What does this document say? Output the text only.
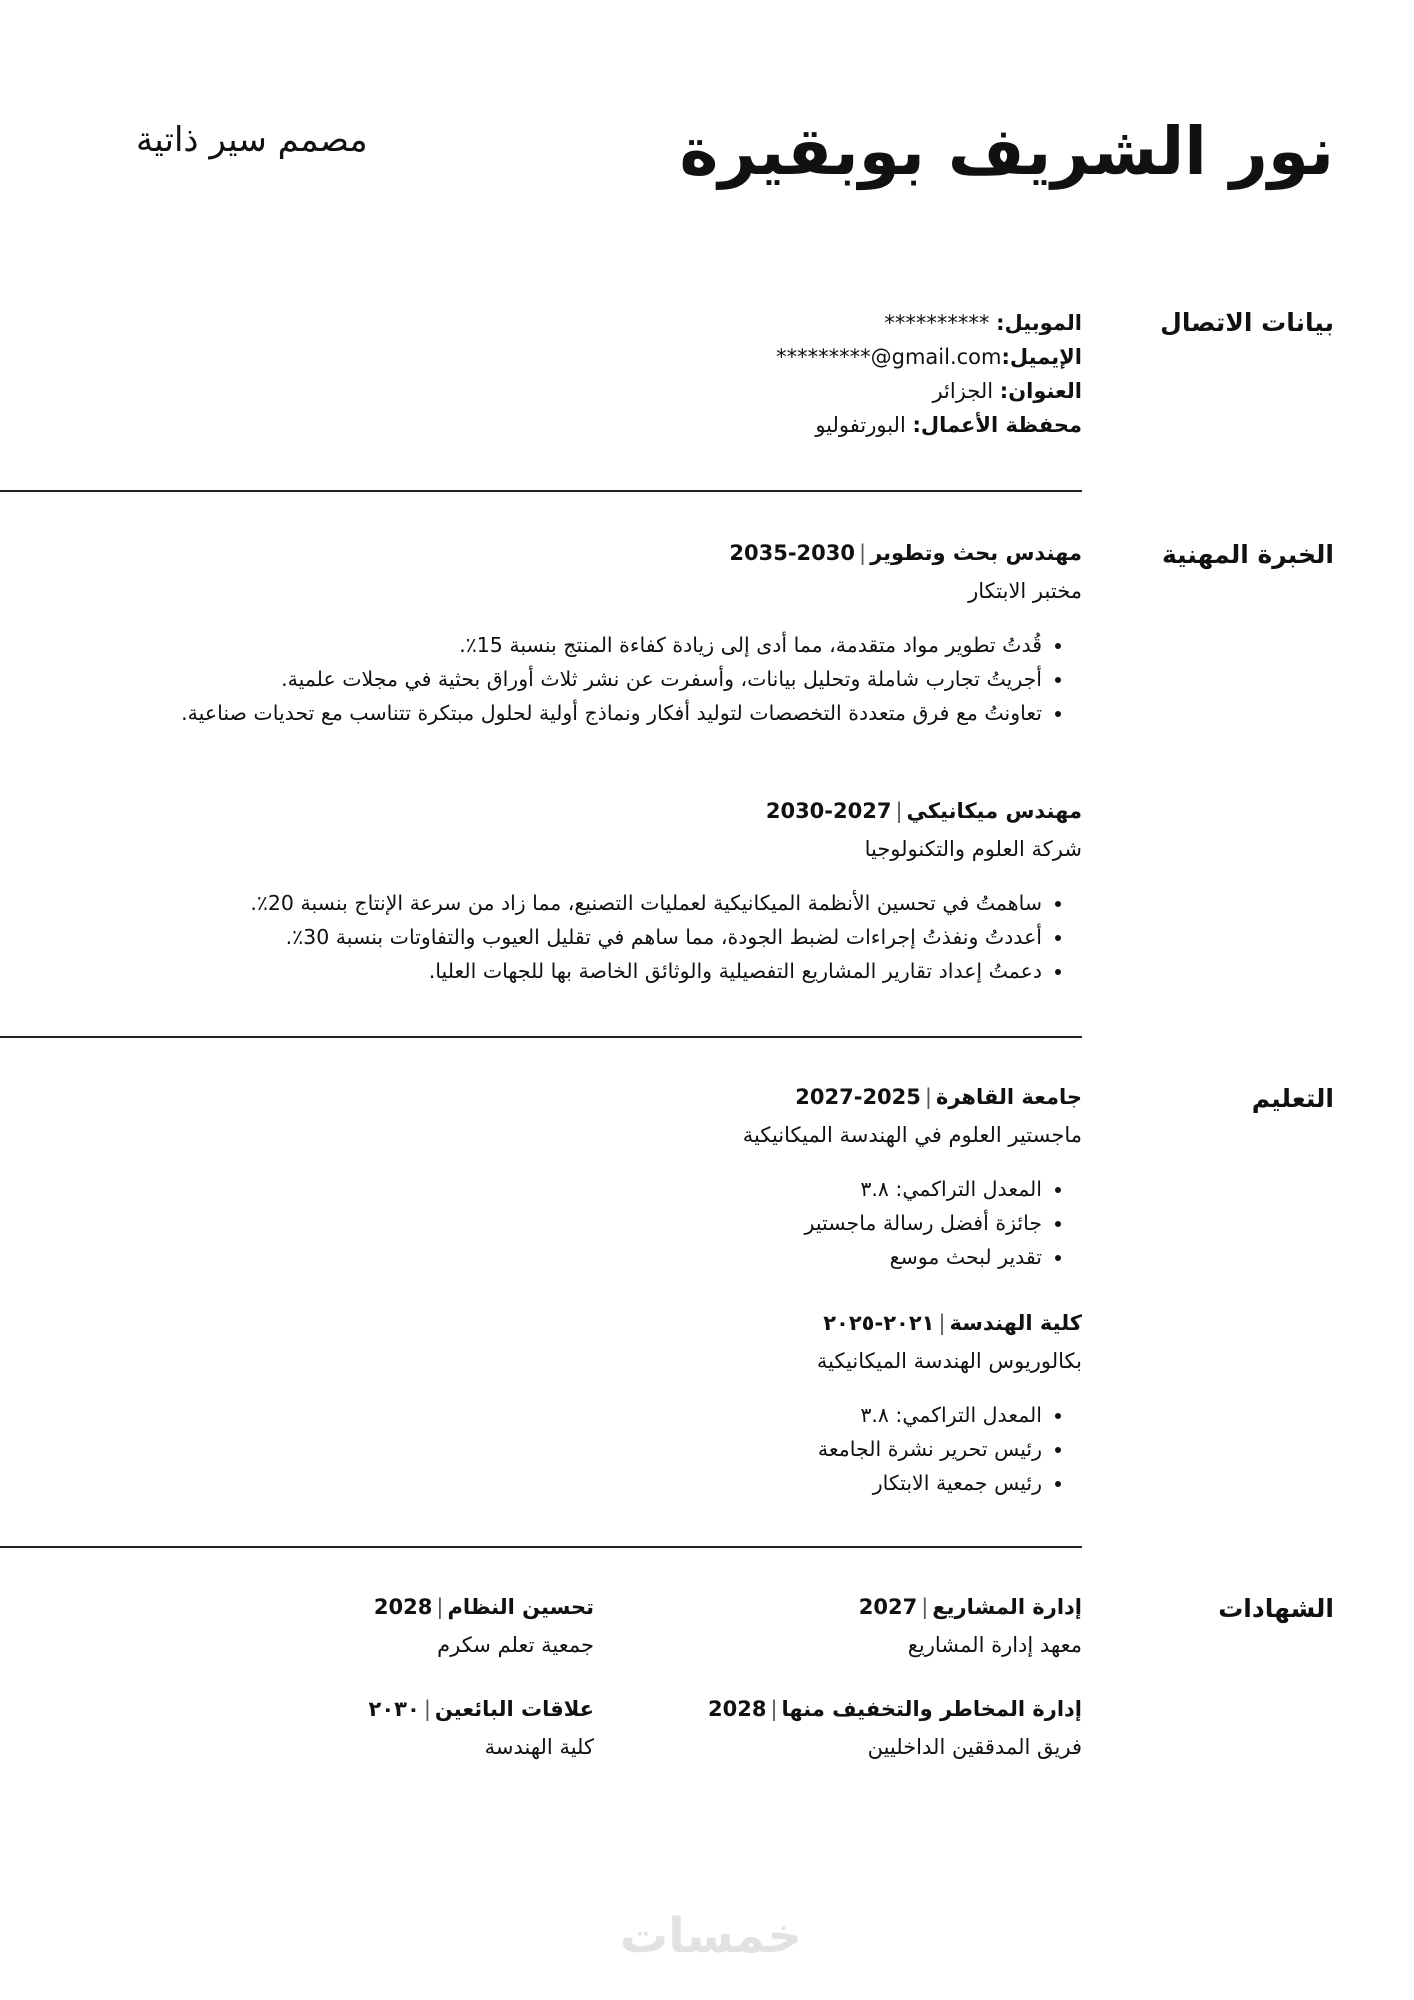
نور الشريف بوبقيرة
مصمم سير ذاتية
بيانات الاتصال
الموبيل: **********
الإيميل: *********@gmail.com
العنوان: الجزائر
محفظة الأعمال: البورتفوليو
الخبرة المهنية
مهندس بحث وتطوير|2030-2035
مختبر الابتكار
• قُدتُ تطوير مواد متقدمة، مما أدى إلى زيادة كفاءة المنتج بنسبة 15٪.
• أجريتُ تجارب شاملة وتحليل بيانات، وأسفرت عن نشر ثلاث أوراق بحثية في مجلات علمية.
• تعاونتُ مع فرق متعددة التخصصات لتوليد أفكار ونماذج أولية لحلول مبتكرة تتناسب مع تحديات صناعية.
مهندس ميكانيكي|2027-2030
شركة العلوم والتكنولوجيا
• ساهمتُ في تحسين الأنظمة الميكانيكية لعمليات التصنيع، مما زاد من سرعة الإنتاج بنسبة 20٪.
• أعددتُ ونفذتُ إجراءات لضبط الجودة، مما ساهم في تقليل العيوب والتفاوتات بنسبة 30٪.
• دعمتُ إعداد تقارير المشاريع التفصيلية والوثائق الخاصة بها للجهات العليا.
التعليم
جامعة القاهرة|2025-2027
ماجستير العلوم في الهندسة الميكانيكية
• المعدل التراكمي: ٣.٨
• جائزة أفضل رسالة ماجستير
• تقدير لبحث موسع
كلية الهندسة|٢٠٢١-٢٠٢٥
بكالوريوس الهندسة الميكانيكية
• المعدل التراكمي: ٣.٨
• رئيس تحرير نشرة الجامعة
• رئيس جمعية الابتكار
الشهادات
إدارة المشاريع|2027
معهد إدارة المشاريع
تحسين النظام|2028
جمعية تعلم سكرم
إدارة المخاطر والتخفيف منها|2028
فريق المدققين الداخليين
علاقات البائعين|٢٠٣٠
كلية الهندسة
خمسات
